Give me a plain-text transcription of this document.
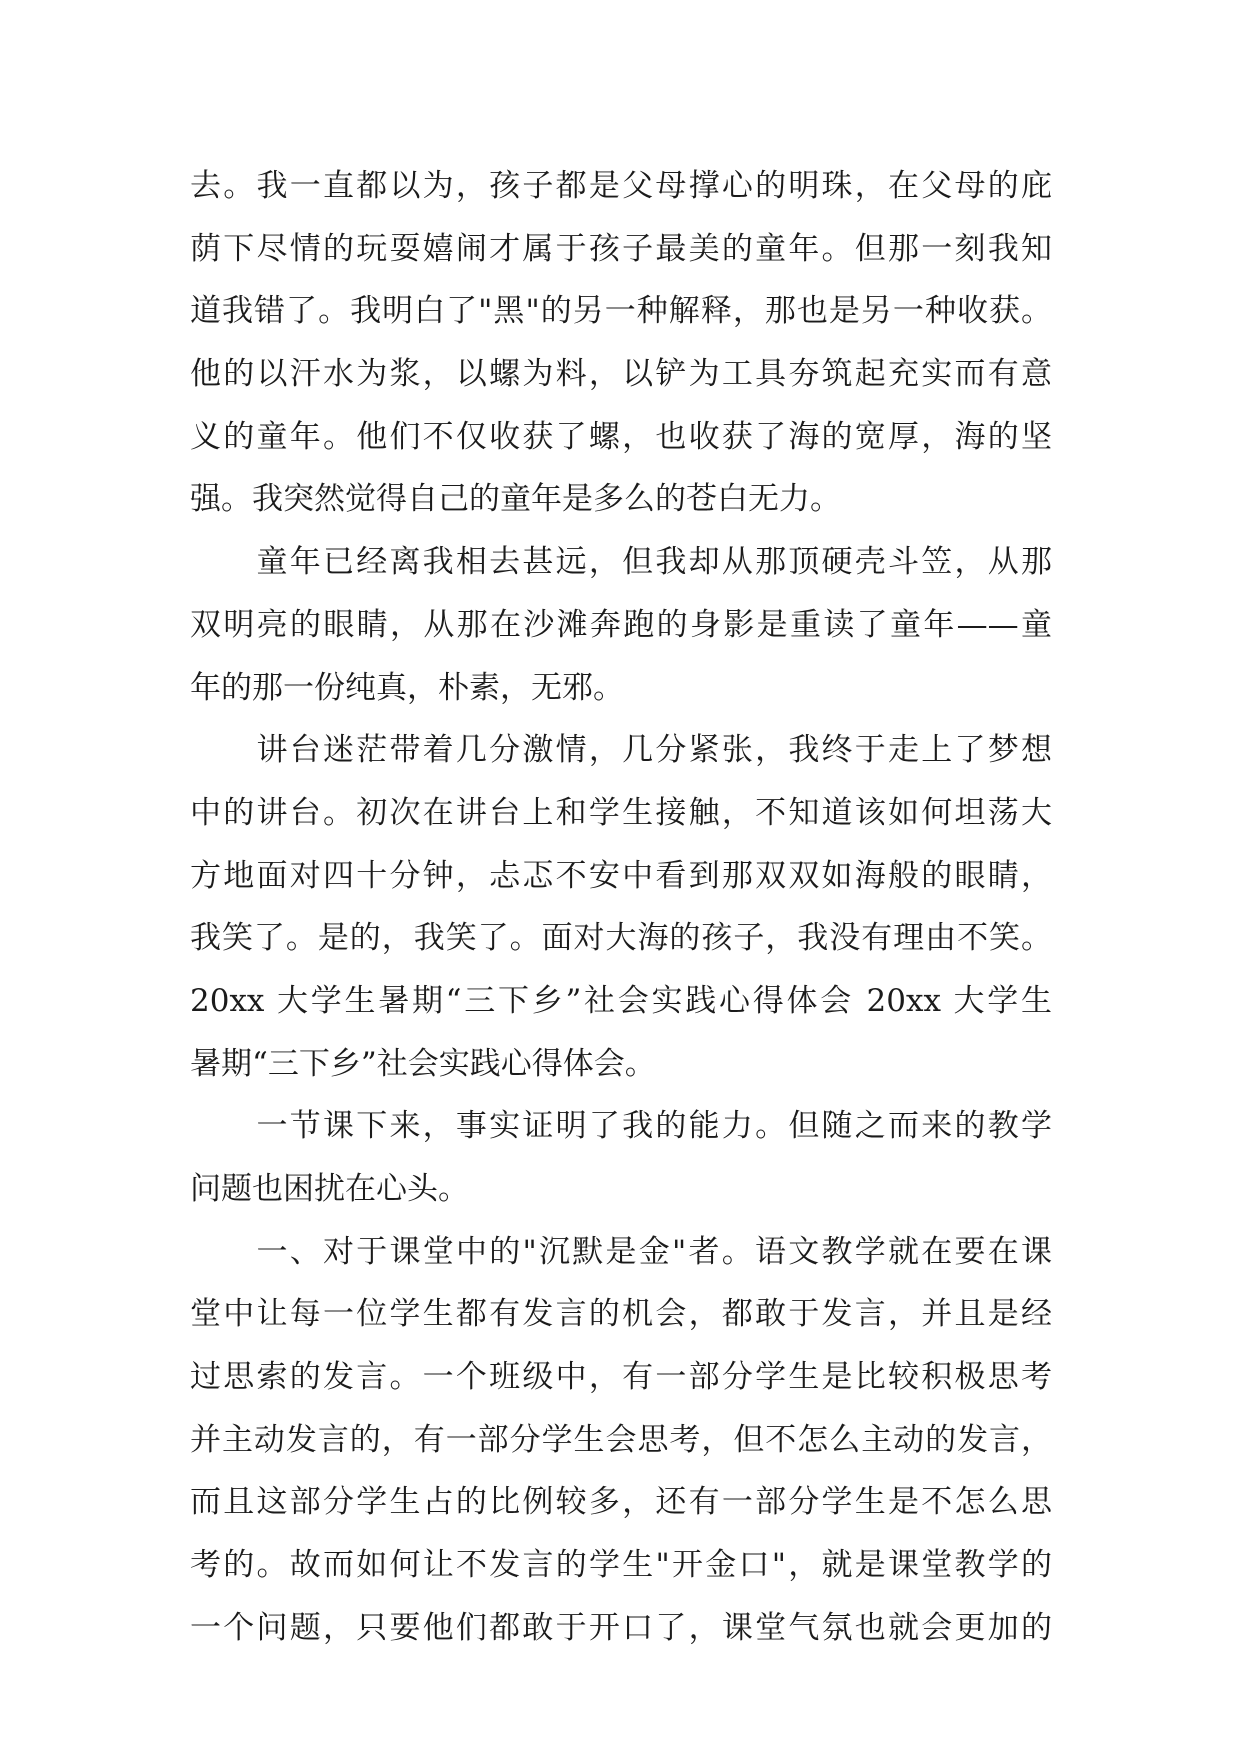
去。我一直都以为，孩子都是父母撑心的明珠，在父母的庇
荫下尽情的玩耍嬉闹才属于孩子最美的童年。但那一刻我知
道我错了。我明白了"黑"的另一种解释，那也是另一种收获。
他的以汗水为浆，以螺为料，以铲为工具夯筑起充实而有意
义的童年。他们不仅收获了螺，也收获了海的宽厚，海的坚
强。我突然觉得自己的童年是多么的苍白无力。
　　童年已经离我相去甚远，但我却从那顶硬壳斗笠，从那
双明亮的眼睛，从那在沙滩奔跑的身影是重读了童年——童
年的那一份纯真，朴素，无邪。
　　讲台迷茫带着几分激情，几分紧张，我终于走上了梦想
中的讲台。初次在讲台上和学生接触，不知道该如何坦荡大
方地面对四十分钟，忐忑不安中看到那双双如海般的眼睛，
我笑了。是的，我笑了。面对大海的孩子，我没有理由不笑。
20xx 大学生暑期“三下乡”社会实践心得体会 20xx 大学生
暑期“三下乡”社会实践心得体会。
　　一节课下来，事实证明了我的能力。但随之而来的教学
问题也困扰在心头。
　　一、对于课堂中的"沉默是金"者。语文教学就在要在课
堂中让每一位学生都有发言的机会，都敢于发言，并且是经
过思索的发言。一个班级中，有一部分学生是比较积极思考
并主动发言的，有一部分学生会思考，但不怎么主动的发言，
而且这部分学生占的比例较多，还有一部分学生是不怎么思
考的。故而如何让不发言的学生"开金口"，就是课堂教学的
一个问题，只要他们都敢于开口了，课堂气氛也就会更加的
